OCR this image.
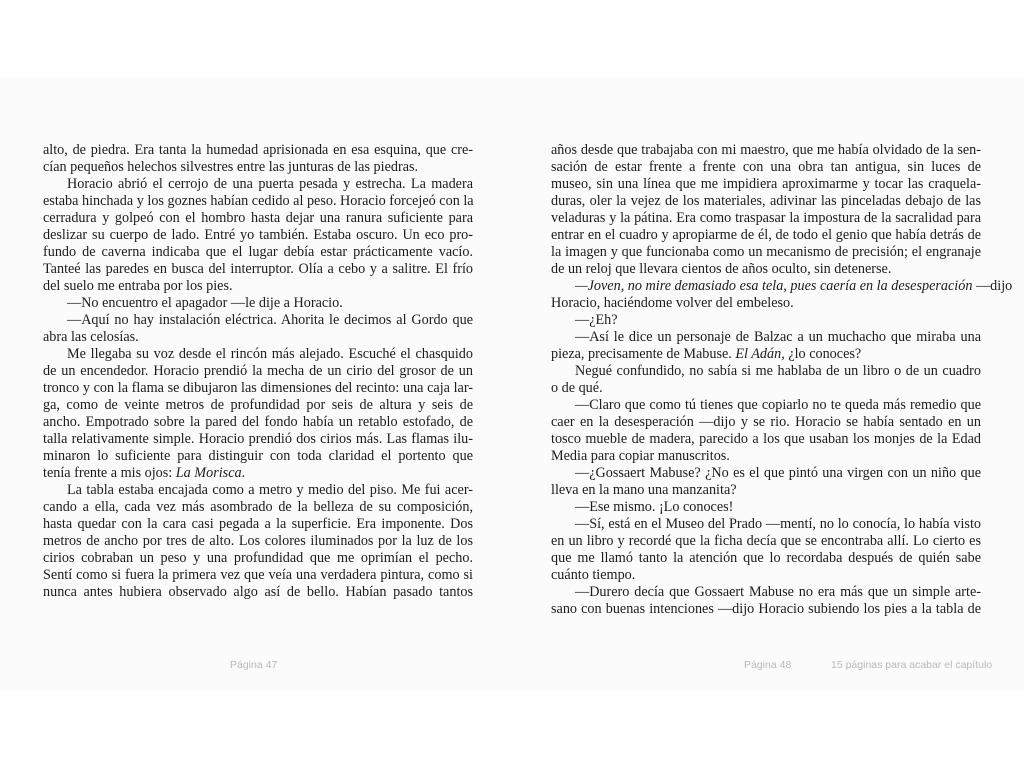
alto, de piedra. Era tanta la humedad aprisionada en esa esquina, que cre-
cían pequeños helechos silvestres entre las junturas de las piedras.
Horacio abrió el cerrojo de una puerta pesada y estrecha. La madera
estaba hinchada y los goznes habían cedido al peso. Horacio forcejeó con la
cerradura y golpeó con el hombro hasta dejar una ranura suficiente para
deslizar su cuerpo de lado. Entré yo también. Estaba oscuro. Un eco pro-
fundo de caverna indicaba que el lugar debía estar prácticamente vacío.
Tanteé las paredes en busca del interruptor. Olía a cebo y a salitre. El frío
del suelo me entraba por los pies.
—No encuentro el apagador —le dije a Horacio.
—Aquí no hay instalación eléctrica. Ahorita le decimos al Gordo que
abra las celosías.
Me llegaba su voz desde el rincón más alejado. Escuché el chasquido
de un encendedor. Horacio prendió la mecha de un cirio del grosor de un
tronco y con la flama se dibujaron las dimensiones del recinto: una caja lar-
ga, como de veinte metros de profundidad por seis de altura y seis de
ancho. Empotrado sobre la pared del fondo había un retablo estofado, de
talla relativamente simple. Horacio prendió dos cirios más. Las flamas ilu-
minaron lo suficiente para distinguir con toda claridad el portento que
tenía frente a mis ojos: La Morisca.
La tabla estaba encajada como a metro y medio del piso. Me fui acer-
cando a ella, cada vez más asombrado de la belleza de su composición,
hasta quedar con la cara casi pegada a la superficie. Era imponente. Dos
metros de ancho por tres de alto. Los colores iluminados por la luz de los
cirios cobraban un peso y una profundidad que me oprimían el pecho.
Sentí como si fuera la primera vez que veía una verdadera pintura, como si
nunca antes hubiera observado algo así de bello. Habían pasado tantos
años desde que trabajaba con mi maestro, que me había olvidado de la sen-
sación de estar frente a frente con una obra tan antigua, sin luces de
museo, sin una línea que me impidiera aproximarme y tocar las craquela-
duras, oler la vejez de los materiales, adivinar las pinceladas debajo de las
veladuras y la pátina. Era como traspasar la impostura de la sacralidad para
entrar en el cuadro y apropiarme de él, de todo el genio que había detrás de
la imagen y que funcionaba como un mecanismo de precisión; el engranaje
de un reloj que llevara cientos de años oculto, sin detenerse.
—Joven, no mire demasiado esa tela, pues caería en la desesperación —dijo
Horacio, haciéndome volver del embeleso.
—¿Eh?
—Así le dice un personaje de Balzac a un muchacho que miraba una
pieza, precisamente de Mabuse. El Adán, ¿lo conoces?
Negué confundido, no sabía si me hablaba de un libro o de un cuadro
o de qué.
—Claro que como tú tienes que copiarlo no te queda más remedio que
caer en la desesperación —dijo y se rio. Horacio se había sentado en un
tosco mueble de madera, parecido a los que usaban los monjes de la Edad
Media para copiar manuscritos.
—¿Gossaert Mabuse? ¿No es el que pintó una virgen con un niño que
lleva en la mano una manzanita?
—Ese mismo. ¡Lo conoces!
—Sí, está en el Museo del Prado —mentí, no lo conocía, lo había visto
en un libro y recordé que la ficha decía que se encontraba allí. Lo cierto es
que me llamó tanto la atención que lo recordaba después de quién sabe
cuánto tiempo.
—Durero decía que Gossaert Mabuse no era más que un simple arte-
sano con buenas intenciones —dijo Horacio subiendo los pies a la tabla de
Página 47	Página 48	15 páginas para acabar el capítulo
